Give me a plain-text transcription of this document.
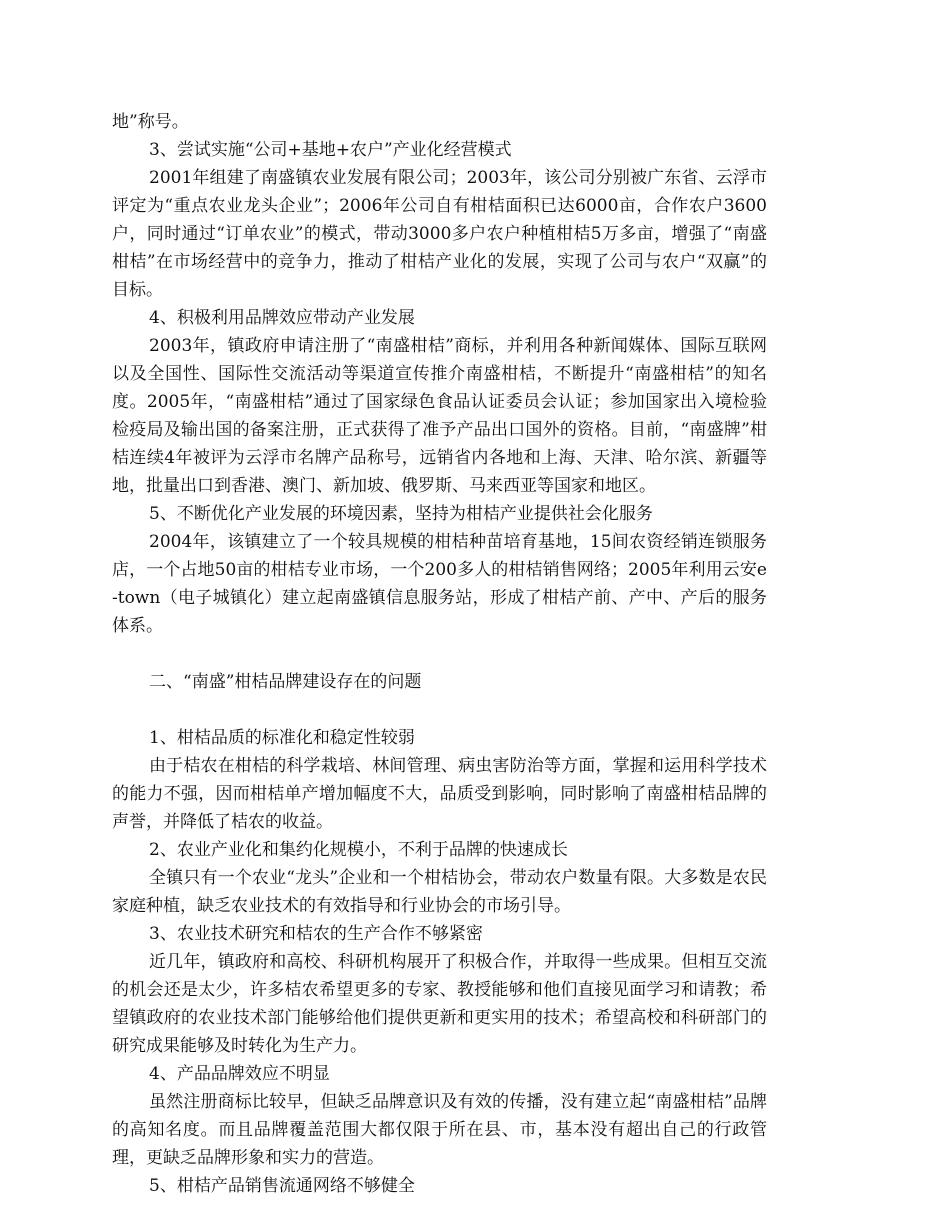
地”称号。

3、尝试实施“公司+基地+农户”产业化经营模式

2001年组建了南盛镇农业发展有限公司；2003年，该公司分别被广东省、云浮市评定为“重点农业龙头企业”；2006年公司自有柑桔面积已达6000亩，合作农户3600户，同时通过“订单农业”的模式，带动3000多户农户种植柑桔5万多亩，增强了“南盛柑桔”在市场经营中的竞争力，推动了柑桔产业化的发展，实现了公司与农户“双赢”的目标。

4、积极利用品牌效应带动产业发展

2003年，镇政府申请注册了“南盛柑桔”商标，并利用各种新闻媒体、国际互联网以及全国性、国际性交流活动等渠道宣传推介南盛柑桔，不断提升“南盛柑桔”的知名度。2005年，“南盛柑桔”通过了国家绿色食品认证委员会认证；参加国家出入境检验检疫局及输出国的备案注册，正式获得了准予产品出口国外的资格。目前，“南盛牌”柑桔连续4年被评为云浮市名牌产品称号，远销省内各地和上海、天津、哈尔滨、新疆等地，批量出口到香港、澳门、新加坡、俄罗斯、马来西亚等国家和地区。

5、不断优化产业发展的环境因素，坚持为柑桔产业提供社会化服务

2004年，该镇建立了一个较具规模的柑桔种苗培育基地，15间农资经销连锁服务店，一个占地50亩的柑桔专业市场，一个200多人的柑桔销售网络；2005年利用云安e-town（电子城镇化）建立起南盛镇信息服务站，形成了柑桔产前、产中、产后的服务体系。

二、“南盛”柑桔品牌建设存在的问题

1、柑桔品质的标准化和稳定性较弱

由于桔农在柑桔的科学栽培、林间管理、病虫害防治等方面，掌握和运用科学技术的能力不强，因而柑桔单产增加幅度不大，品质受到影响，同时影响了南盛柑桔品牌的声誉，并降低了桔农的收益。

2、农业产业化和集约化规模小，不利于品牌的快速成长

全镇只有一个农业“龙头”企业和一个柑桔协会，带动农户数量有限。大多数是农民家庭种植，缺乏农业技术的有效指导和行业协会的市场引导。

3、农业技术研究和桔农的生产合作不够紧密

近几年，镇政府和高校、科研机构展开了积极合作，并取得一些成果。但相互交流的机会还是太少，许多桔农希望更多的专家、教授能够和他们直接见面学习和请教；希望镇政府的农业技术部门能够给他们提供更新和更实用的技术；希望高校和科研部门的研究成果能够及时转化为生产力。

4、产品品牌效应不明显

虽然注册商标比较早，但缺乏品牌意识及有效的传播，没有建立起“南盛柑桔”品牌的高知名度。而且品牌覆盖范围大都仅限于所在县、市，基本没有超出自己的行政管理，更缺乏品牌形象和实力的营造。

5、柑桔产品销售流通网络不够健全
